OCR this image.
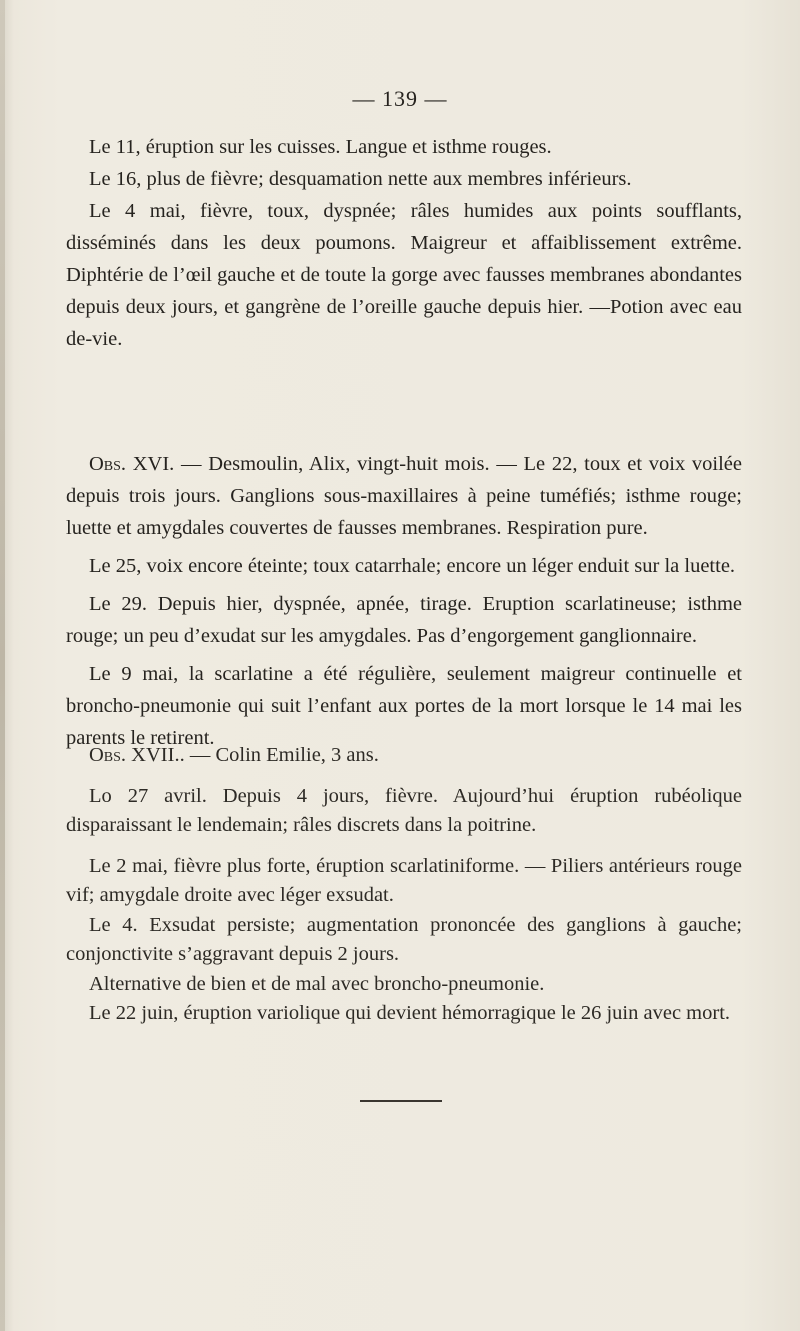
— 139 —

Le 11, éruption sur les cuisses. Langue et isthme rouges.

Le 16, plus de fièvre; desquamation nette aux membres inférieurs.

Le 4 mai, fièvre, toux, dyspnée; râles humides aux points soufflants, disséminés dans les deux poumons. Maigreur et affaiblissement extrême. Diphtérie de l’œil gauche et de toute la gorge avec fausses membranes abondantes depuis deux jours, et gangrène de l’oreille gauche depuis hier. —Potion avec eau de-vie.

Obs. XVI. — Desmoulin, Alix, vingt-huit mois. — Le 22, toux et voix voilée depuis trois jours. Ganglions sous-maxillaires à peine tuméfiés; isthme rouge; luette et amygdales couvertes de fausses membranes. Respiration pure.

Le 25, voix encore éteinte; toux catarrhale; encore un léger enduit sur la luette.

Le 29. Depuis hier, dyspnée, apnée, tirage. Eruption scarlatineuse; isthme rouge; un peu d’exudat sur les amygdales. Pas d’engorgement ganglionnaire.

Le 9 mai, la scarlatine a été régulière, seulement maigreur continuelle et broncho-pneumonie qui suit l’enfant aux portes de la mort lorsque le 14 mai les parents le retirent.

Obs. XVII.. — Colin Emilie, 3 ans.

Lo 27 avril. Depuis 4 jours, fièvre. Aujourd’hui éruption rubéolique disparaissant le lendemain; râles discrets dans la poitrine.

Le 2 mai, fièvre plus forte, éruption scarlatiniforme. — Piliers antérieurs rouge vif; amygdale droite avec léger exsudat.

Le 4. Exsudat persiste; augmentation prononcée des ganglions à gauche; conjonctivite s’aggravant depuis 2 jours.

Alternative de bien et de mal avec broncho-pneumonie.

Le 22 juin, éruption variolique qui devient hémorragique le 26 juin avec mort.
